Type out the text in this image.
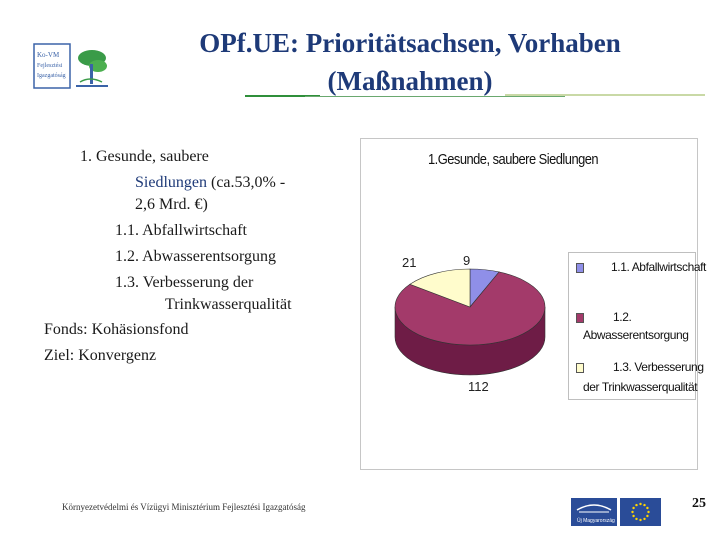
Ko-VM
Fejlesztési
Igazgatóság
OPf.UE: Prioritätsachsen, Vorhaben
(Maßnahmen)
1. Gesunde, saubere
Siedlungen (ca.53,0% -
2,6 Mrd. €)
1.1. Abfallwirtschaft
1.2. Abwasserentsorgung
1.3. Verbesserung der
Trinkwasserqualität
Fonds: Kohäsionsfond
Ziel: Konvergenz
1.Gesunde, saubere Siedlungen
21	9
112
1.1. Abfallwirtschaft
1.2.
Abwasserentsorgung
1.3. Verbesserung
der Trinkwasserqualität
Környezetvédelmi és Vízügyi Minisztérium Fejlesztési Igazgatóság
Új Magyarország
25
